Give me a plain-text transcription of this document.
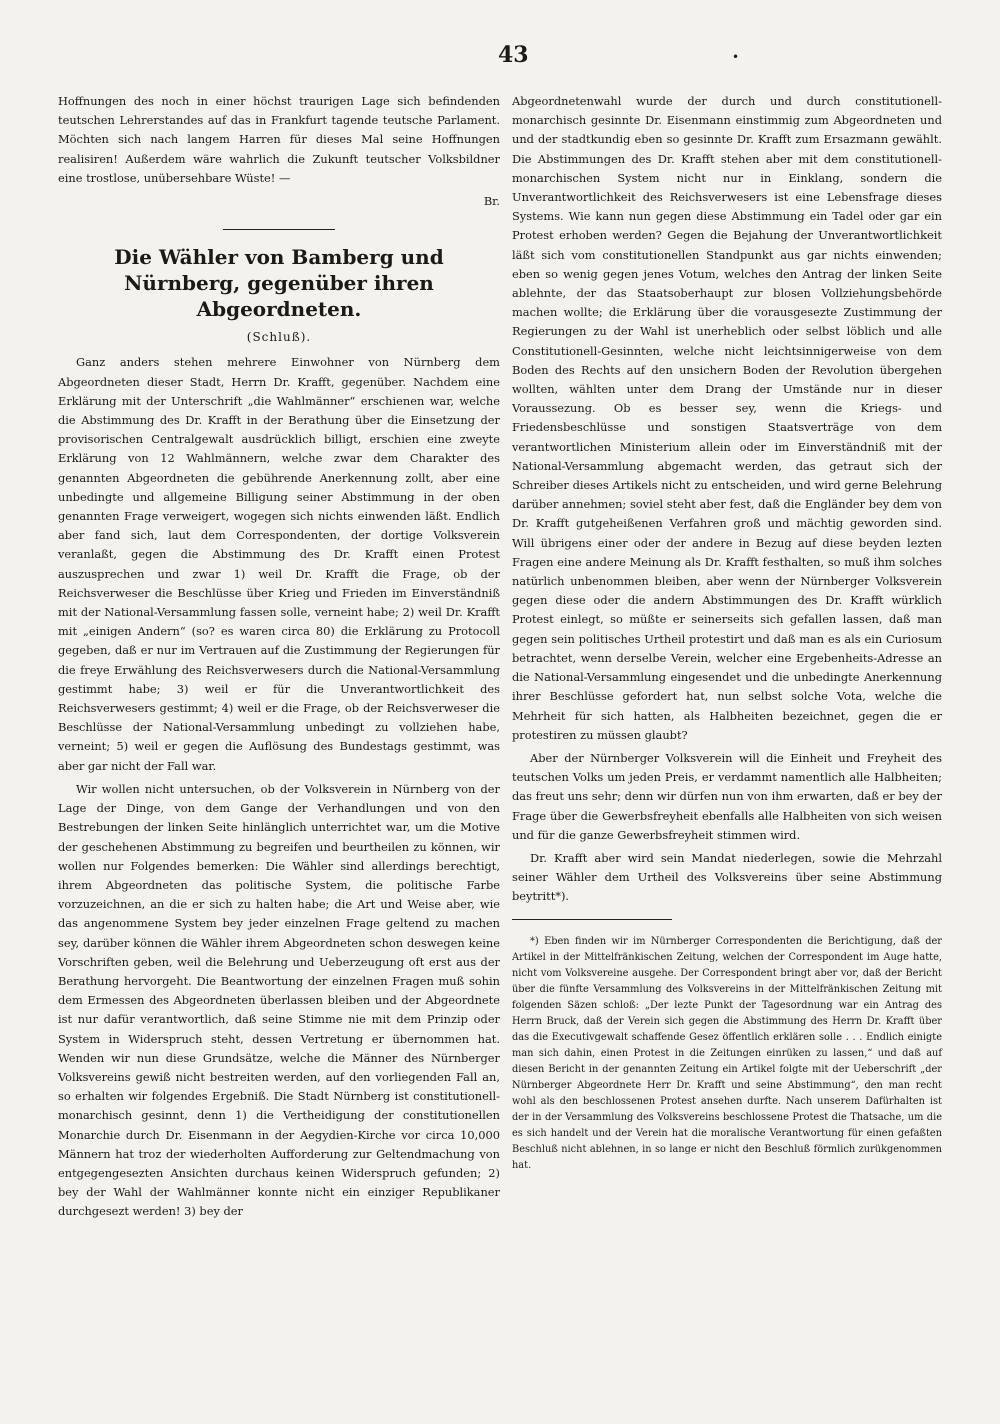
43	•

Hoffnungen des noch in einer höchst traurigen Lage sich befindenden teutschen Lehrerstandes auf das in Frankfurt tagende teutsche Parlament. Möchten sich nach langem Harren für dieses Mal seine Hoffnungen realisiren! Außerdem wäre wahrlich die Zukunft teutscher Volksbildner eine trostlose, unübersehbare Wüste! —

Br.
Die Wähler von Bamberg und Nürnberg, gegenüber ihren Abgeordneten.
(Schluß).

Ganz anders stehen mehrere Einwohner von Nürnberg dem Abgeordneten dieser Stadt, Herrn Dr. Krafft, gegenüber. Nachdem eine Erklärung mit der Unterschrift „die Wahlmänner“ erschienen war, welche die Abstimmung des Dr. Krafft in der Berathung über die Einsetzung der provisorischen Centralgewalt ausdrücklich billigt, erschien eine zweyte Erklärung von 12 Wahlmännern, welche zwar dem Charakter des genannten Abgeordneten die gebührende Anerkennung zollt, aber eine unbedingte und allgemeine Billigung seiner Abstimmung in der oben genannten Frage verweigert, wogegen sich nichts einwenden läßt. Endlich aber fand sich, laut dem Correspondenten, der dortige Volksverein veranlaßt, gegen die Abstimmung des Dr. Krafft einen Protest auszusprechen und zwar 1) weil Dr. Krafft die Frage, ob der Reichsverweser die Beschlüsse über Krieg und Frieden im Einverständniß mit der National-Versammlung fassen solle, verneint habe; 2) weil Dr. Krafft mit „einigen Andern“ (so? es waren circa 80) die Erklärung zu Protocoll gegeben, daß er nur im Vertrauen auf die Zustimmung der Regierungen für die freye Erwählung des Reichsverwesers durch die National-Versammlung gestimmt habe; 3) weil er für die Unverantwortlichkeit des Reichsverwesers gestimmt; 4) weil er die Frage, ob der Reichsverweser die Beschlüsse der National-Versammlung unbedingt zu vollziehen habe, verneint; 5) weil er gegen die Auflösung des Bundestags gestimmt, was aber gar nicht der Fall war.

Wir wollen nicht untersuchen, ob der Volksverein in Nürnberg von der Lage der Dinge, von dem Gange der Verhandlungen und von den Bestrebungen der linken Seite hinlänglich unterrichtet war, um die Motive der geschehenen Abstimmung zu begreifen und beurtheilen zu können, wir wollen nur Folgendes bemerken: Die Wähler sind allerdings berechtigt, ihrem Abgeordneten das politische System, die politische Farbe vorzuzeichnen, an die er sich zu halten habe; die Art und Weise aber, wie das angenommene System bey jeder einzelnen Frage geltend zu machen sey, darüber können die Wähler ihrem Abgeordneten schon deswegen keine Vorschriften geben, weil die Belehrung und Ueberzeugung oft erst aus der Berathung hervorgeht. Die Beantwortung der einzelnen Fragen muß sohin dem Ermessen des Abgeordneten überlassen bleiben und der Abgeordnete ist nur dafür verantwortlich, daß seine Stimme nie mit dem Prinzip oder System in Widerspruch steht, dessen Vertretung er übernommen hat. Wenden wir nun diese Grundsätze, welche die Männer des Nürnberger Volksvereins gewiß nicht bestreiten werden, auf den vorliegenden Fall an, so erhalten wir folgendes Ergebniß. Die Stadt Nürnberg ist constitutionell-monarchisch gesinnt, denn 1) die Vertheidigung der constitutionellen Monarchie durch Dr. Eisenmann in der Aegydien-Kirche vor circa 10,000 Männern hat troz der wiederholten Aufforderung zur Geltendmachung von entgegengesezten Ansichten durchaus keinen Widerspruch gefunden; 2) bey der Wahl der Wahlmänner konnte nicht ein einziger Republikaner durchgesezt werden! 3) bey der

Abgeordnetenwahl wurde der durch und durch constitutionell-monarchisch gesinnte Dr. Eisenmann einstimmig zum Abgeordneten und und der stadtkundig eben so gesinnte Dr. Krafft zum Ersazmann gewählt. Die Abstimmungen des Dr. Krafft stehen aber mit dem constitutionell-monarchischen System nicht nur in Einklang, sondern die Unverantwortlichkeit des Reichsverwesers ist eine Lebensfrage dieses Systems. Wie kann nun gegen diese Abstimmung ein Tadel oder gar ein Protest erhoben werden? Gegen die Bejahung der Unverantwortlichkeit läßt sich vom constitutionellen Standpunkt aus gar nichts einwenden; eben so wenig gegen jenes Votum, welches den Antrag der linken Seite ablehnte, der das Staatsoberhaupt zur blosen Vollziehungsbehörde machen wollte; die Erklärung über die vorausgesezte Zustimmung der Regierungen zu der Wahl ist unerheblich oder selbst löblich und alle Constitutionell-Gesinnten, welche nicht leichtsinnigerweise von dem Boden des Rechts auf den unsichern Boden der Revolution übergehen wollten, wählten unter dem Drang der Umstände nur in dieser Voraussezung. Ob es besser sey, wenn die Kriegs- und Friedensbeschlüsse und sonstigen Staatsverträge von dem verantwortlichen Ministerium allein oder im Einverständniß mit der National-Versammlung abgemacht werden, das getraut sich der Schreiber dieses Artikels nicht zu entscheiden, und wird gerne Belehrung darüber annehmen; soviel steht aber fest, daß die Engländer bey dem von Dr. Krafft gutgeheißenen Verfahren groß und mächtig geworden sind. Will übrigens einer oder der andere in Bezug auf diese beyden lezten Fragen eine andere Meinung als Dr. Krafft festhalten, so muß ihm solches natürlich unbenommen bleiben, aber wenn der Nürnberger Volksverein gegen diese oder die andern Abstimmungen des Dr. Krafft würklich Protest einlegt, so müßte er seinerseits sich gefallen lassen, daß man gegen sein politisches Urtheil protestirt und daß man es als ein Curiosum betrachtet, wenn derselbe Verein, welcher eine Ergebenheits-Adresse an die National-Versammlung eingesendet und die unbedingte Anerkennung ihrer Beschlüsse gefordert hat, nun selbst solche Vota, welche die Mehrheit für sich hatten, als Halbheiten bezeichnet, gegen die er protestiren zu müssen glaubt?

Aber der Nürnberger Volksverein will die Einheit und Freyheit des teutschen Volks um jeden Preis, er verdammt namentlich alle Halbheiten; das freut uns sehr; denn wir dürfen nun von ihm erwarten, daß er bey der Frage über die Gewerbsfreyheit ebenfalls alle Halbheiten von sich weisen und für die ganze Gewerbsfreyheit stimmen wird.

Dr. Krafft aber wird sein Mandat niederlegen, sowie die Mehrzahl seiner Wähler dem Urtheil des Volksvereins über seine Abstimmung beytritt*).

*) Eben finden wir im Nürnberger Correspondenten die Berichtigung, daß der Artikel in der Mittelfränkischen Zeitung, welchen der Correspondent im Auge hatte, nicht vom Volksvereine ausgehe. Der Correspondent bringt aber vor, daß der Bericht über die fünfte Versammlung des Volksvereins in der Mittelfränkischen Zeitung mit folgenden Säzen schloß: „Der lezte Punkt der Tagesordnung war ein Antrag des Herrn Bruck, daß der Verein sich gegen die Abstimmung des Herrn Dr. Krafft über das die Executivgewalt schaffende Gesez öffentlich erklären solle . . . Endlich einigte man sich dahin, einen Protest in die Zeitungen einrüken zu lassen,“ und daß auf diesen Bericht in der genannten Zeitung ein Artikel folgte mit der Ueberschrift „der Nürnberger Abgeordnete Herr Dr. Krafft und seine Abstimmung“, den man recht wohl als den beschlossenen Protest ansehen durfte. Nach unserem Dafürhalten ist der in der Versammlung des Volksvereins beschlossene Protest die Thatsache, um die es sich handelt und der Verein hat die moralische Verantwortung für einen gefaßten Beschluß nicht ablehnen, in so lange er nicht den Beschluß förmlich zurükgenommen hat.
